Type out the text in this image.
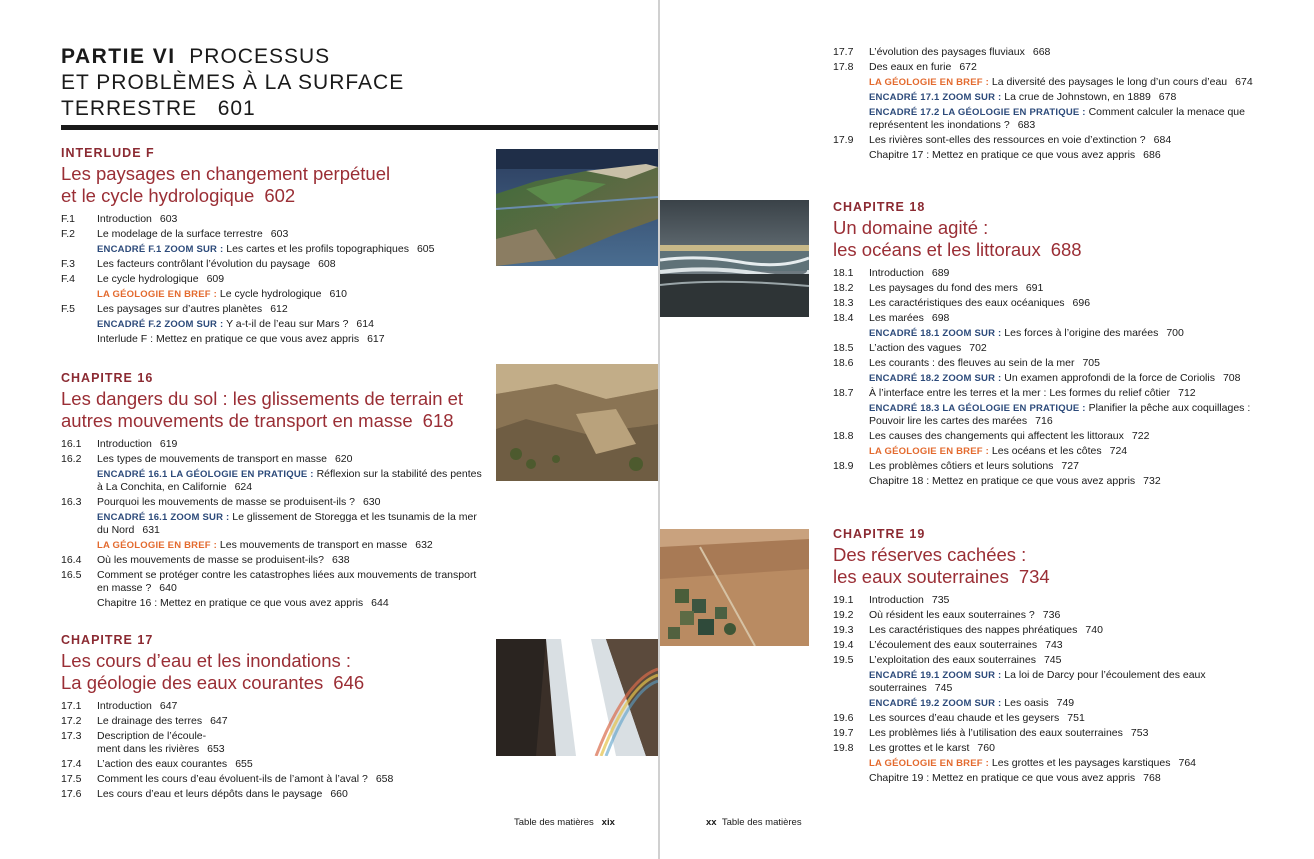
PARTIE VI PROCESSUS
ET PROBLÈMES À LA SURFACE
TERRESTRE 601
INTERLUDE F
Les paysages en changement perpétuel
et le cycle hydrologique 602
F.1	Introduction 603
F.2	Le modelage de la surface terrestre 603
ENCADRÉ F.1 ZOOM SUR : Les cartes et les profils topographiques 605
F.3	Les facteurs contrôlant l’évolution du paysage 608
F.4	Le cycle hydrologique 609
LA GÉOLOGIE EN BREF : Le cycle hydrologique 610
F.5	Les paysages sur d’autres planètes 612
ENCADRÉ F.2 ZOOM SUR : Y a-t-il de l’eau sur Mars ? 614
Interlude F : Mettez en pratique ce que vous avez appris 617
CHAPITRE 16
Les dangers du sol : les glissements de terrain et
autres mouvements de transport en masse 618
16.1	Introduction 619
16.2	Les types de mouvements de transport en masse 620
ENCADRÉ 16.1 LA GÉOLOGIE EN PRATIQUE : Réflexion sur la stabilité des pentes à La Conchita, en Californie 624
16.3	Pourquoi les mouvements de masse se produisent-ils ? 630
ENCADRÉ 16.1 ZOOM SUR : Le glissement de Storegga et les tsunamis de la mer du Nord 631
LA GÉOLOGIE EN BREF : Les mouvements de transport en masse 632
16.4	Où les mouvements de masse se produisent-ils? 638
16.5	Comment se protéger contre les catastrophes liées aux mouvements de transport en masse ? 640
Chapitre 16 : Mettez en pratique ce que vous avez appris 644
CHAPITRE 17
Les cours d’eau et les inondations :
La géologie des eaux courantes 646
17.1	Introduction 647
17.2	Le drainage des terres 647
17.3	Description de l’écoule-
ment dans les rivières 653
17.4	L’action des eaux courantes 655
17.5	Comment les cours d’eau évoluent-ils de l’amont à l’aval ? 658
17.6	Les cours d’eau et leurs dépôts dans le paysage 660
Table des matières xix
17.7	L’évolution des paysages fluviaux 668
17.8	Des eaux en furie 672
LA GÉOLOGIE EN BREF : La diversité des paysages le long d’un cours d’eau 674
ENCADRÉ 17.1 ZOOM SUR : La crue de Johnstown, en 1889 678
ENCADRÉ 17.2 LA GÉOLOGIE EN PRATIQUE : Comment calculer la menace que représentent les inondations ? 683
17.9	Les rivières sont-elles des ressources en voie d’extinction ? 684
Chapitre 17 : Mettez en pratique ce que vous avez appris 686
CHAPITRE 18
Un domaine agité :
les océans et les littoraux 688
18.1	Introduction 689
18.2	Les paysages du fond des mers 691
18.3	Les caractéristiques des eaux océaniques 696
18.4	Les marées 698
ENCADRÉ 18.1 ZOOM SUR : Les forces à l’origine des marées 700
18.5	L’action des vagues 702
18.6	Les courants : des fleuves au sein de la mer 705
ENCADRÉ 18.2 ZOOM SUR : Un examen approfondi de la force de Coriolis 708
18.7	À l’interface entre les terres et la mer : Les formes du relief côtier 712
ENCADRÉ 18.3 LA GÉOLOGIE EN PRATIQUE : Planifier la pêche aux coquillages : Pouvoir lire les cartes des marées 716
18.8	Les causes des changements qui affectent les littoraux 722
LA GÉOLOGIE EN BREF : Les océans et les côtes 724
18.9	Les problèmes côtiers et leurs solutions 727
Chapitre 18 : Mettez en pratique ce que vous avez appris 732
CHAPITRE 19
Des réserves cachées :
les eaux souterraines 734
19.1	Introduction 735
19.2	Où résident les eaux souterraines ? 736
19.3	Les caractéristiques des nappes phréatiques 740
19.4	L’écoulement des eaux souterraines 743
19.5	L’exploitation des eaux souterraines 745
ENCADRÉ 19.1 ZOOM SUR : La loi de Darcy pour l’écoulement des eaux souterraines 745
ENCADRÉ 19.2 ZOOM SUR : Les oasis 749
19.6	Les sources d’eau chaude et les geysers 751
19.7	Les problèmes liés à l’utilisation des eaux souterraines 753
19.8	Les grottes et le karst 760
LA GÉOLOGIE EN BREF : Les grottes et les paysages karstiques 764
Chapitre 19 : Mettez en pratique ce que vous avez appris 768
xx Table des matières
